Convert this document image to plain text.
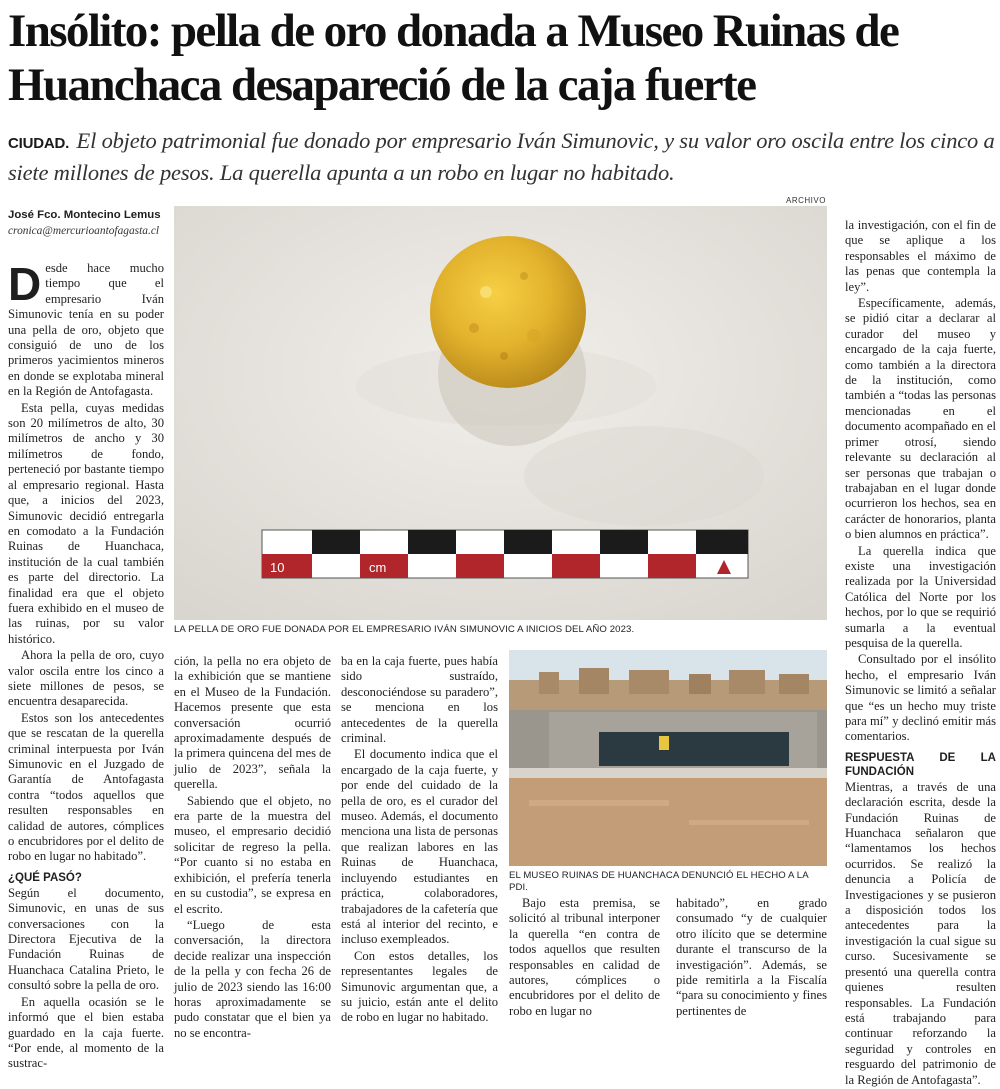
Insólito: pella de oro donada a Museo Ruinas de Huanchaca desapareció de la caja fuerte
CIUDAD. El objeto patrimonial fue donado por empresario Iván Simunovic, y su valor oro oscila entre los cinco a siete millones de pesos. La querella apunta a un robo en lugar no habitado.
José Fco. Montecino Lemus
cronica@mercurioantofagasta.cl

Desde hace mucho tiempo que el empresario Iván Simunovic tenía en su poder una pella de oro, objeto que consiguió de uno de los primeros yacimientos mineros en donde se explotaba mineral en la Región de Antofagasta.

Esta pella, cuyas medidas son 20 milímetros de alto, 30 milímetros de ancho y 30 milímetros de fondo, perteneció por bastante tiempo al empresario regional. Hasta que, a inicios del 2023, Simunovic decidió entregarla en comodato a la Fundación Ruinas de Huanchaca, institución de la cual también es parte del directorio. La finalidad era que el objeto fuera exhibido en el museo de las ruinas, por su valor histórico.

Ahora la pella de oro, cuyo valor oscila entre los cinco a siete millones de pesos, se encuentra desaparecida.

Estos son los antecedentes que se rescatan de la querella criminal interpuesta por Iván Simunovic en el Juzgado de Garantía de Antofagasta contra “todos aquellos que resulten responsables en calidad de autores, cómplices o encubridores por el delito de robo en lugar no habitado”.

¿QUÉ PASÓ?

Según el documento, Simunovic, en unas de sus conversaciones con la Directora Ejecutiva de la Fundación Ruinas de Huanchaca Catalina Prieto, le consultó sobre la pella de oro.

En aquella ocasión se le informó que el bien estaba guardado en la caja fuerte. “Por ende, al momento de la sustrac-

ARCHIVO
10	cm
LA PELLA DE ORO FUE DONADA POR EL EMPRESARIO IVÁN SIMUNOVIC A INICIOS DEL AÑO 2023.

ción, la pella no era objeto de la exhibición que se mantiene en el Museo de la Fundación. Hacemos presente que esta conversación ocurrió aproximadamente después de la primera quincena del mes de julio de 2023”, señala la querella.

Sabiendo que el objeto, no era parte de la muestra del museo, el empresario decidió solicitar de regreso la pella. “Por cuanto si no estaba en exhibición, el prefería tenerla en su custodia”, se expresa en el escrito.

“Luego de esta conversación, la directora decide realizar una inspección de la pella y con fecha 26 de julio de 2023 siendo las 16:00 horas aproximadamente se pudo constatar que el bien ya no se encontra-

ba en la caja fuerte, pues había sido sustraído, desconociéndose su paradero”, se menciona en los antecedentes de la querella criminal.

El documento indica que el encargado de la caja fuerte, y por ende del cuidado de la pella de oro, es el curador del museo. Además, el documento menciona una lista de personas que realizan labores en las Ruinas de Huanchaca, incluyendo estudiantes en práctica, colaboradores, trabajadores de la cafetería que está al interior del recinto, e incluso exempleados.

Con estos detalles, los representantes legales de Simunovic argumentan que, a su juicio, están ante el delito de robo en lugar no habitado.

EL MUSEO RUINAS DE HUANCHACA DENUNCIÓ EL HECHO A LA PDI.

Bajo esta premisa, se solicitó al tribunal interponer la querella “en contra de todos aquellos que resulten responsables en calidad de autores, cómplices o encubridores por el delito de robo en lugar no

habitado”, en grado consumado “y de cualquier otro ilícito que se determine durante el transcurso de la investigación”. Además, se pide remitirla a la Fiscalía “para su conocimiento y fines pertinentes de

la investigación, con el fin de que se aplique a los responsables el máximo de las penas que contempla la ley”.

Específicamente, además, se pidió citar a declarar al curador del museo y encargado de la caja fuerte, como también a la directora de la institución, como también a “todas las personas mencionadas en el documento acompañado en el primer otrosí, siendo relevante su declaración al ser personas que trabajan o trabajaban en el lugar donde ocurrieron los hechos, sea en carácter de honorarios, planta o bien alumnos en práctica”.

La querella indica que existe una investigación realizada por la Universidad Católica del Norte por los hechos, por lo que se requirió sumarla a la eventual pesquisa de la querella.

Consultado por el insólito hecho, el empresario Iván Simunovic se limitó a señalar que “es un hecho muy triste para mí” y declinó emitir más comentarios.

RESPUESTA DE LA FUNDACIÓN

Mientras, a través de una declaración escrita, desde la Fundación Ruinas de Huanchaca señalaron que “lamentamos los hechos ocurridos. Se realizó la denuncia a Policía de Investigaciones y se pusieron a disposición todos los antecedentes para la investigación la cual sigue su curso. Sucesivamente se presentó una querella contra quienes resulten responsables. La Fundación está trabajando para continuar reforzando la seguridad y controles en resguardo del patrimonio de la Región de Antofagasta”.
